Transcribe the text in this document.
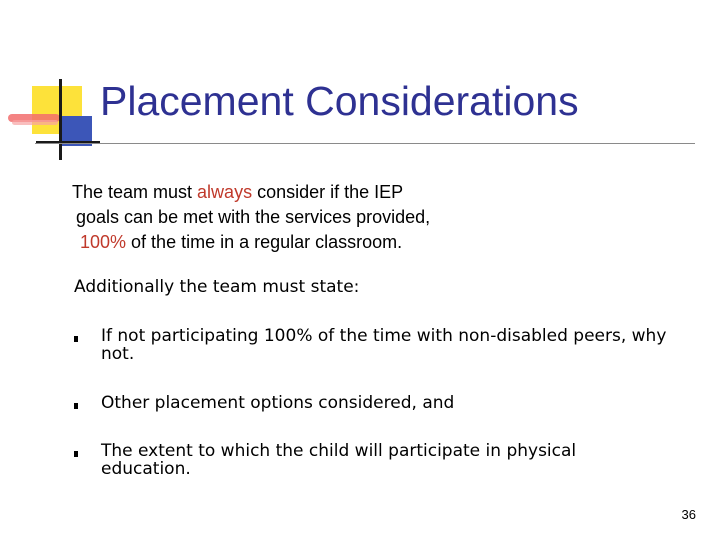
Placement Considerations

The team must always consider if the IEP
goals can be met with the services provided,
100% of the time in a regular classroom.

Additionally the team must state:

If not participating 100% of the time with non-disabled peers, why not.
Other placement options considered, and
The extent to which the child will participate in physical education.
36
